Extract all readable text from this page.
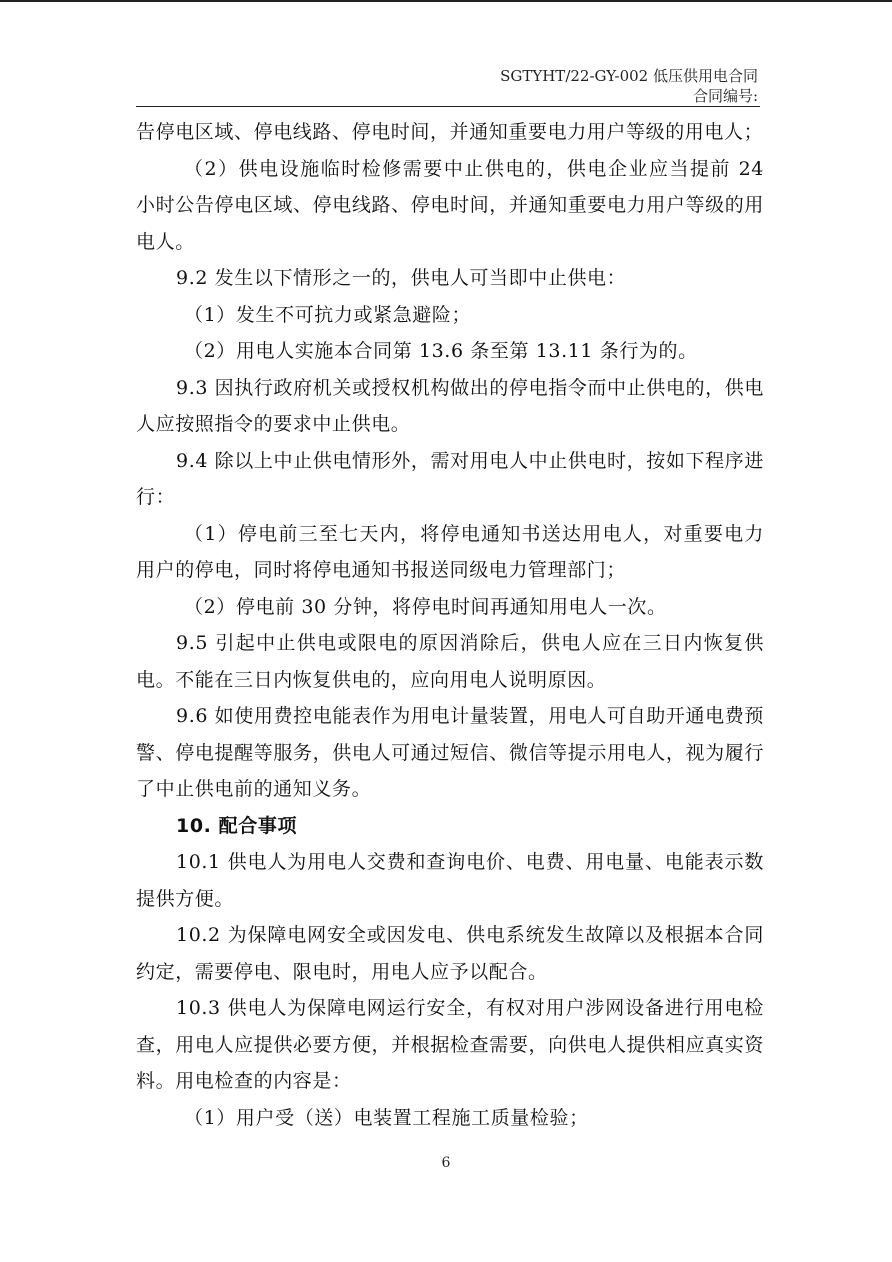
SGTYHT/22-GY-002 低压供用电合同
合同编号:

告停电区域、停电线路、停电时间，并通知重要电力用户等级的用电人；

（2）供电设施临时检修需要中止供电的，供电企业应当提前 24 小时公告停电区域、停电线路、停电时间，并通知重要电力用户等级的用电人。

9.2 发生以下情形之一的，供电人可当即中止供电：

（1）发生不可抗力或紧急避险；

（2）用电人实施本合同第 13.6 条至第 13.11 条行为的。

9.3 因执行政府机关或授权机构做出的停电指令而中止供电的，供电人应按照指令的要求中止供电。

9.4 除以上中止供电情形外，需对用电人中止供电时，按如下程序进行：

（1）停电前三至七天内，将停电通知书送达用电人，对重要电力用户的停电，同时将停电通知书报送同级电力管理部门；

（2）停电前 30 分钟，将停电时间再通知用电人一次。

9.5 引起中止供电或限电的原因消除后，供电人应在三日内恢复供电。不能在三日内恢复供电的，应向用电人说明原因。

9.6 如使用费控电能表作为用电计量装置，用电人可自助开通电费预警、停电提醒等服务，供电人可通过短信、微信等提示用电人，视为履行了中止供电前的通知义务。

10. 配合事项

10.1 供电人为用电人交费和查询电价、电费、用电量、电能表示数提供方便。

10.2 为保障电网安全或因发电、供电系统发生故障以及根据本合同约定，需要停电、限电时，用电人应予以配合。

10.3 供电人为保障电网运行安全，有权对用户涉网设备进行用电检查，用电人应提供必要方便，并根据检查需要，向供电人提供相应真实资料。用电检查的内容是：

（1）用户受（送）电装置工程施工质量检验；

6
